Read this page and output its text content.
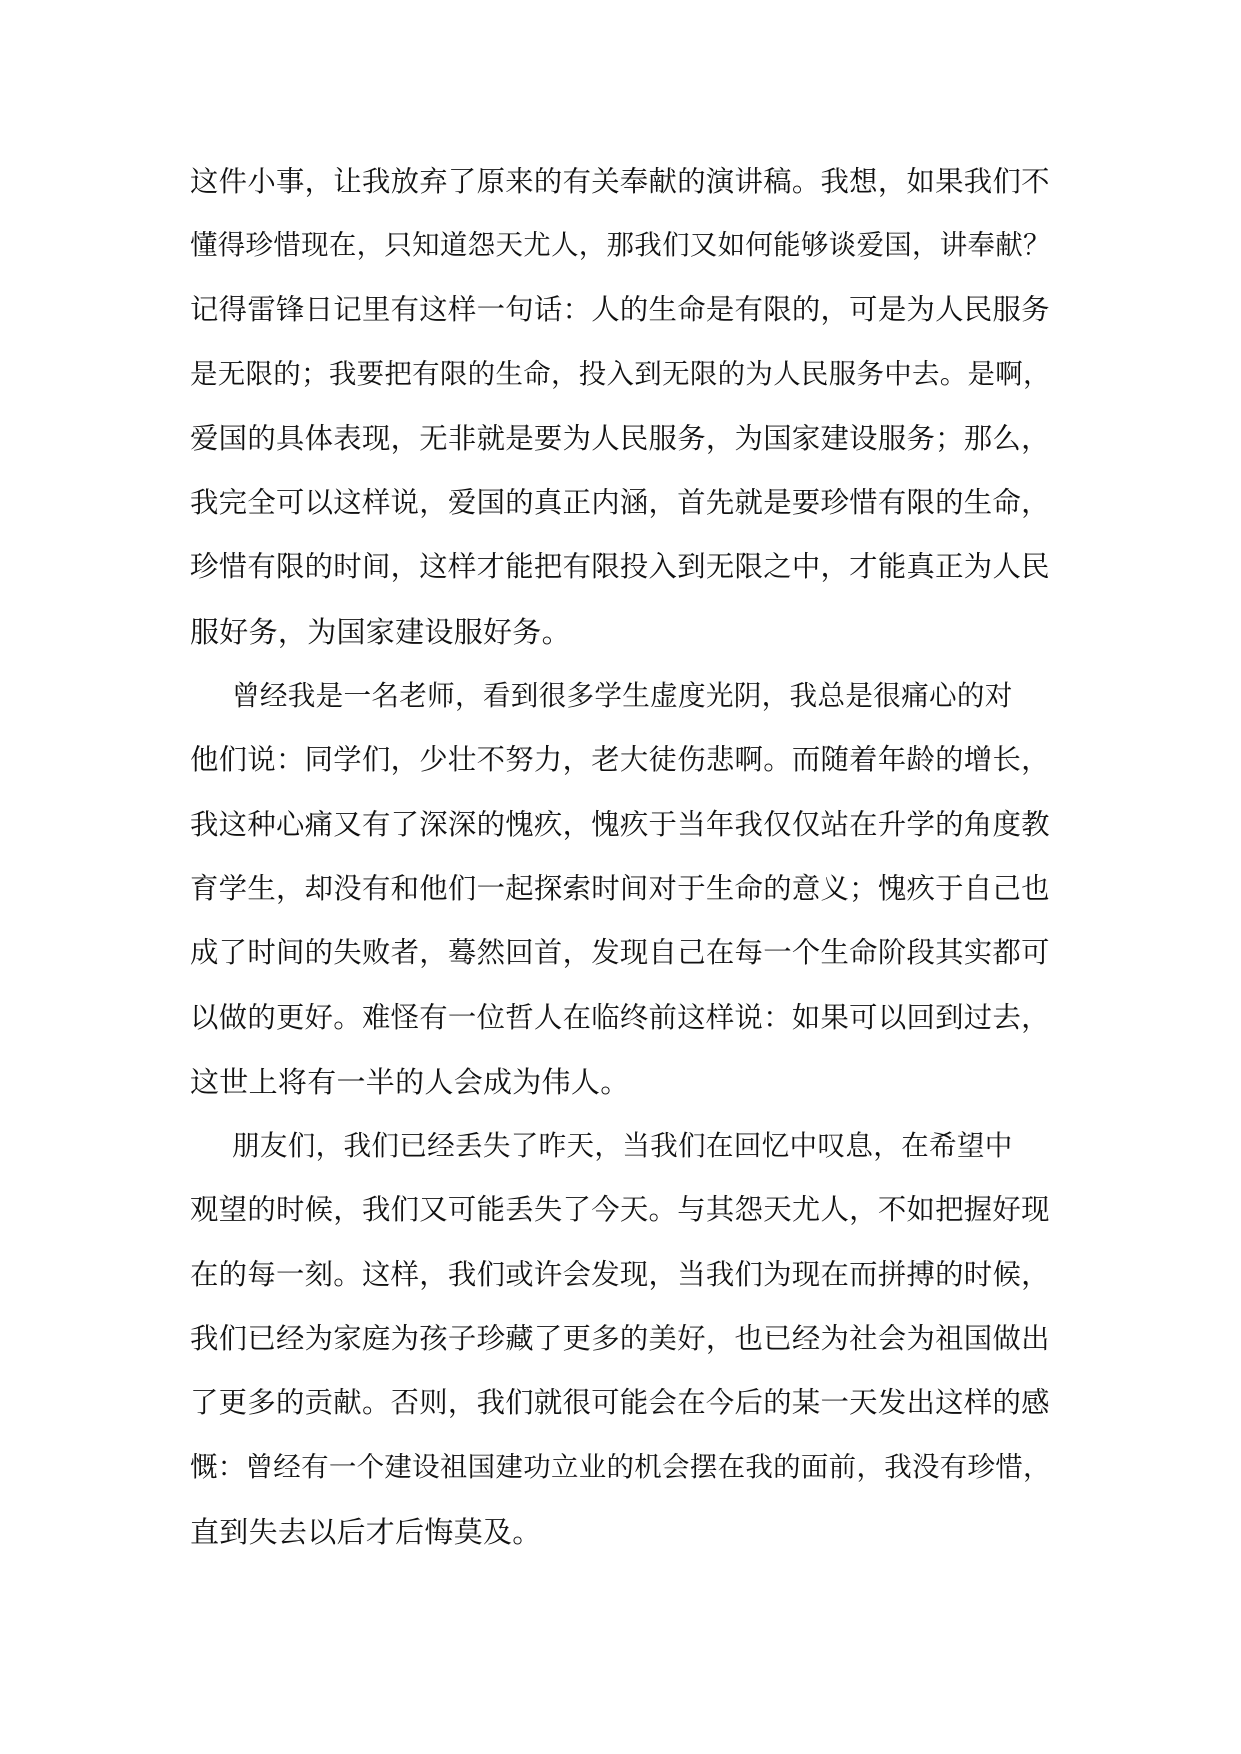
这件小事，让我放弃了原来的有关奉献的演讲稿。我想，如果我们不
懂得珍惜现在，只知道怨天尤人，那我们又如何能够谈爱国，讲奉献？
记得雷锋日记里有这样一句话：人的生命是有限的，可是为人民服务
是无限的；我要把有限的生命，投入到无限的为人民服务中去。是啊，
爱国的具体表现，无非就是要为人民服务，为国家建设服务；那么，
我完全可以这样说，爱国的真正内涵，首先就是要珍惜有限的生命，
珍惜有限的时间，这样才能把有限投入到无限之中，才能真正为人民
服好务，为国家建设服好务。
曾经我是一名老师，看到很多学生虚度光阴，我总是很痛心的对
他们说：同学们，少壮不努力，老大徒伤悲啊。而随着年龄的增长，
我这种心痛又有了深深的愧疚，愧疚于当年我仅仅站在升学的角度教
育学生，却没有和他们一起探索时间对于生命的意义；愧疚于自己也
成了时间的失败者，蓦然回首，发现自己在每一个生命阶段其实都可
以做的更好。难怪有一位哲人在临终前这样说：如果可以回到过去，
这世上将有一半的人会成为伟人。
朋友们，我们已经丢失了昨天，当我们在回忆中叹息，在希望中
观望的时候，我们又可能丢失了今天。与其怨天尤人，不如把握好现
在的每一刻。这样，我们或许会发现，当我们为现在而拼搏的时候，
我们已经为家庭为孩子珍藏了更多的美好，也已经为社会为祖国做出
了更多的贡献。否则，我们就很可能会在今后的某一天发出这样的感
慨：曾经有一个建设祖国建功立业的机会摆在我的面前，我没有珍惜，
直到失去以后才后悔莫及。
